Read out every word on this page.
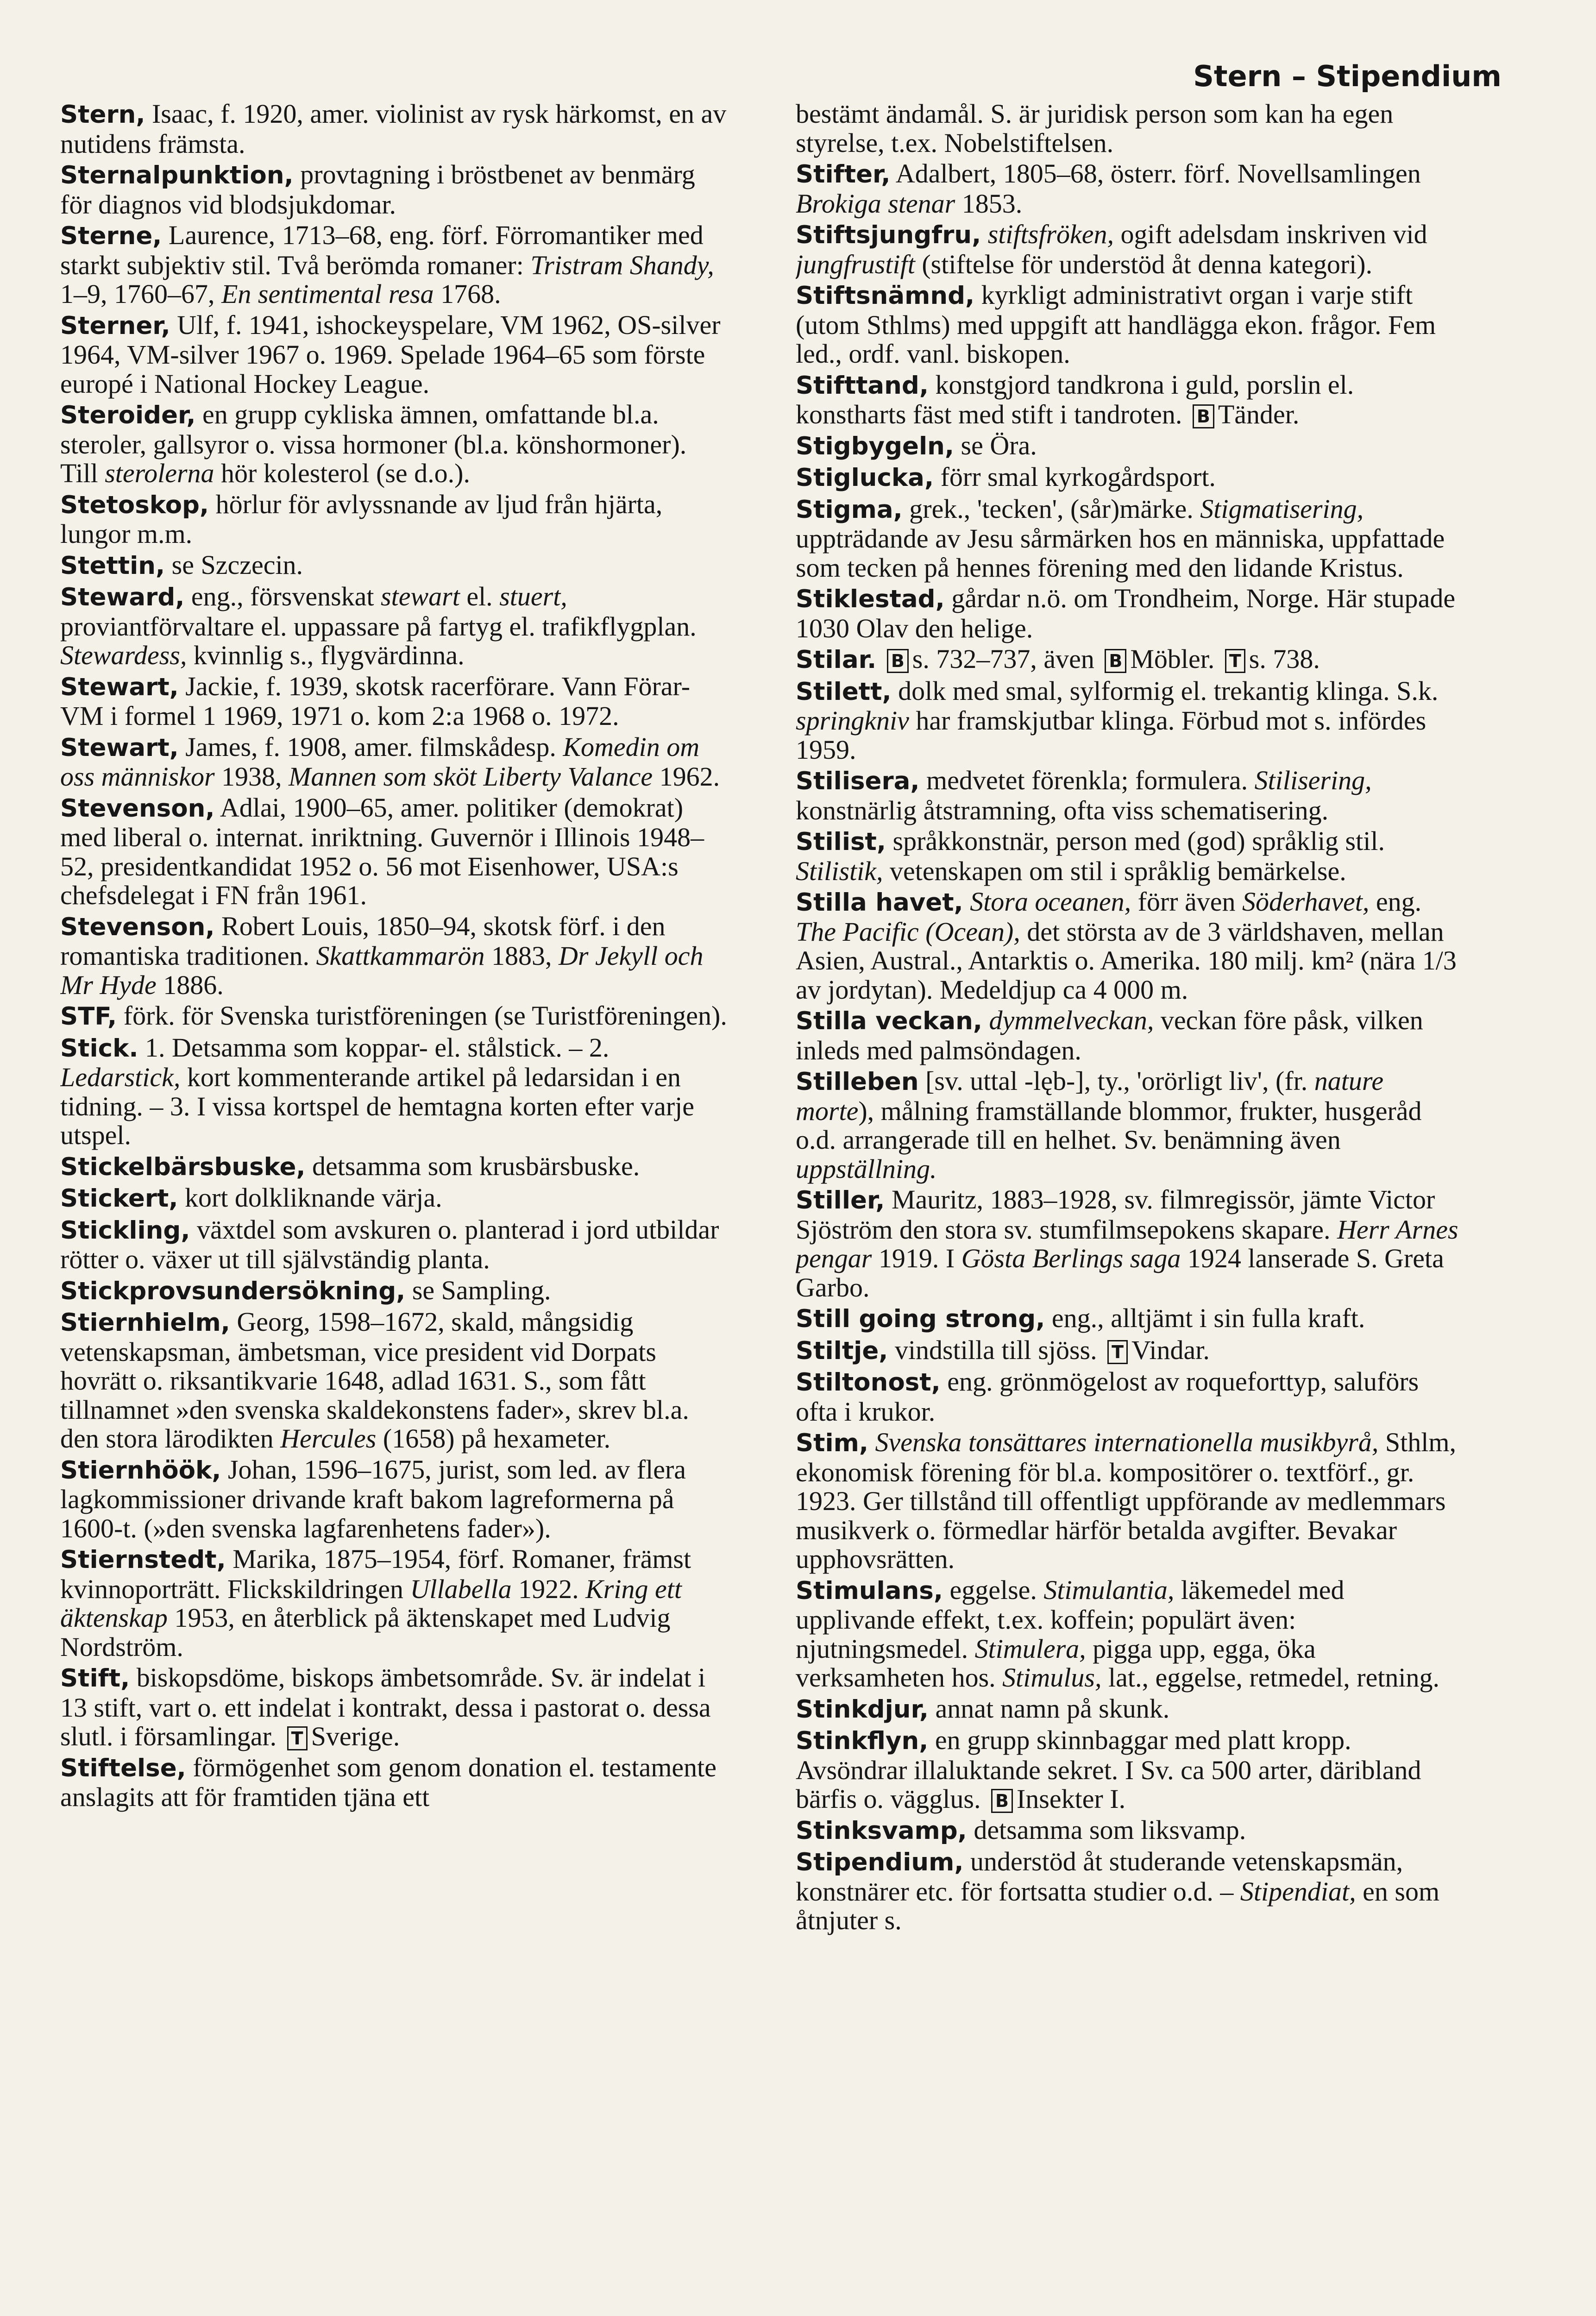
Stern – Stipendium

Stern, Isaac, f. 1920, amer. violinist av rysk härkomst, en av nutidens främsta.

Sternalpunktion, provtagning i bröstbenet av benmärg för diagnos vid blodsjukdomar.

Sterne, Laurence, 1713–68, eng. förf. Förromantiker med starkt subjektiv stil. Två berömda romaner: Tristram Shandy, 1–9, 1760–67, En sentimental resa 1768.

Sterner, Ulf, f. 1941, ishockeyspelare, VM 1962, OS-silver 1964, VM-silver 1967 o. 1969. Spelade 1964–65 som förste europé i National Hockey League.

Steroider, en grupp cykliska ämnen, omfattande bl.a. steroler, gallsyror o. vissa hormoner (bl.a. könshormoner). Till sterolerna hör kolesterol (se d.o.).

Stetoskop, hörlur för avlyssnande av ljud från hjärta, lungor m.m.

Stettin, se Szczecin.

Steward, eng., försvenskat stewart el. stuert, proviantförvaltare el. uppassare på fartyg el. trafikflygplan. Stewardess, kvinnlig s., flygvärdinna.

Stewart, Jackie, f. 1939, skotsk racerförare. Vann Förar-VM i formel 1 1969, 1971 o. kom 2:a 1968 o. 1972.

Stewart, James, f. 1908, amer. filmskådesp. Komedin om oss människor 1938, Mannen som sköt Liberty Valance 1962.

Stevenson, Adlai, 1900–65, amer. politiker (demokrat) med liberal o. internat. inriktning. Guvernör i Illinois 1948–52, presidentkandidat 1952 o. 56 mot Eisenhower, USA:s chefsdelegat i FN från 1961.

Stevenson, Robert Louis, 1850–94, skotsk förf. i den romantiska traditionen. Skattkammarön 1883, Dr Jekyll och Mr Hyde 1886.

STF, förk. för Svenska turistföreningen (se Turistföreningen).

Stick. 1. Detsamma som koppar- el. stålstick. – 2. Ledarstick, kort kommenterande artikel på ledarsidan i en tidning. – 3. I vissa kortspel de hemtagna korten efter varje utspel.

Stickelbärsbuske, detsamma som krusbärsbuske.

Stickert, kort dolkliknande värja.

Stickling, växtdel som avskuren o. planterad i jord utbildar rötter o. växer ut till självständig planta.

Stickprovsundersökning, se Sampling.

Stiernhielm, Georg, 1598–1672, skald, mångsidig vetenskapsman, ämbetsman, vice president vid Dorpats hovrätt o. riksantikvarie 1648, adlad 1631. S., som fått tillnamnet »den svenska skaldekonstens fader», skrev bl.a. den stora lärodikten Hercules (1658) på hexameter.

Stiernhöök, Johan, 1596–1675, jurist, som led. av flera lagkommissioner drivande kraft bakom lagreformerna på 1600-t. (»den svenska lagfarenhetens fader»).

Stiernstedt, Marika, 1875–1954, förf. Romaner, främst kvinnoporträtt. Flickskildringen Ullabella 1922. Kring ett äktenskap 1953, en återblick på äktenskapet med Ludvig Nordström.

Stift, biskopsdöme, biskops ämbetsområde. Sv. är indelat i 13 stift, vart o. ett indelat i kontrakt, dessa i pastorat o. dessa slutl. i församlingar. T Sverige.

Stiftelse, förmögenhet som genom donation el. testamente anslagits att för framtiden tjäna ett

bestämt ändamål. S. är juridisk person som kan ha egen styrelse, t.ex. Nobelstiftelsen.

Stifter, Adalbert, 1805–68, österr. förf. Novellsamlingen Brokiga stenar 1853.

Stiftsjungfru, stiftsfröken, ogift adelsdam inskriven vid jungfrustift (stiftelse för understöd åt denna kategori).

Stiftsnämnd, kyrkligt administrativt organ i varje stift (utom Sthlms) med uppgift att handlägga ekon. frågor. Fem led., ordf. vanl. biskopen.

Stifttand, konstgjord tandkrona i guld, porslin el. konstharts fäst med stift i tandroten. B Tänder.

Stigbygeln, se Öra.

Stiglucka, förr smal kyrkogårdsport.

Stigma, grek., 'tecken', (sår)märke. Stigmatisering, uppträdande av Jesu sårmärken hos en människa, uppfattade som tecken på hennes förening med den lidande Kristus.

Stiklestad, gårdar n.ö. om Trondheim, Norge. Här stupade 1030 Olav den helige.

Stilar. B s. 732–737, även B Möbler. T s. 738.

Stilett, dolk med smal, sylformig el. trekantig klinga. S.k. springkniv har framskjutbar klinga. Förbud mot s. infördes 1959.

Stilisera, medvetet förenkla; formulera. Stilisering, konstnärlig åtstramning, ofta viss schematisering.

Stilist, språkkonstnär, person med (god) språklig stil. Stilistik, vetenskapen om stil i språklig bemärkelse.

Stilla havet, Stora oceanen, förr även Söderhavet, eng. The Pacific (Ocean), det största av de 3 världshaven, mellan Asien, Austral., Antarktis o. Amerika. 180 milj. km² (nära 1/3 av jordytan). Medeldjup ca 4 000 m.

Stilla veckan, dymmelveckan, veckan före påsk, vilken inleds med palmsöndagen.

Stilleben [sv. uttal -lęb-], ty., 'orörligt liv', (fr. nature morte), målning framställande blommor, frukter, husgeråd o.d. arrangerade till en helhet. Sv. benämning även uppställning.

Stiller, Mauritz, 1883–1928, sv. filmregissör, jämte Victor Sjöström den stora sv. stumfilmsepokens skapare. Herr Arnes pengar 1919. I Gösta Berlings saga 1924 lanserade S. Greta Garbo.

Still going strong, eng., alltjämt i sin fulla kraft.

Stiltje, vindstilla till sjöss. T Vindar.

Stiltonost, eng. grönmögelost av roqueforttyp, saluförs ofta i krukor.

Stim, Svenska tonsättares internationella musikbyrå, Sthlm, ekonomisk förening för bl.a. kompositörer o. textförf., gr. 1923. Ger tillstånd till offentligt uppförande av medlemmars musikverk o. förmedlar härför betalda avgifter. Bevakar upphovsrätten.

Stimulans, eggelse. Stimulantia, läkemedel med upplivande effekt, t.ex. koffein; populärt även: njutningsmedel. Stimulera, pigga upp, egga, öka verksamheten hos. Stimulus, lat., eggelse, retmedel, retning.

Stinkdjur, annat namn på skunk.

Stinkflyn, en grupp skinnbaggar med platt kropp. Avsöndrar illaluktande sekret. I Sv. ca 500 arter, däribland bärfis o. vägglus. B Insekter I.

Stinksvamp, detsamma som liksvamp.

Stipendium, understöd åt studerande vetenskapsmän, konstnärer etc. för fortsatta studier o.d. – Stipendiat, en som åtnjuter s.
